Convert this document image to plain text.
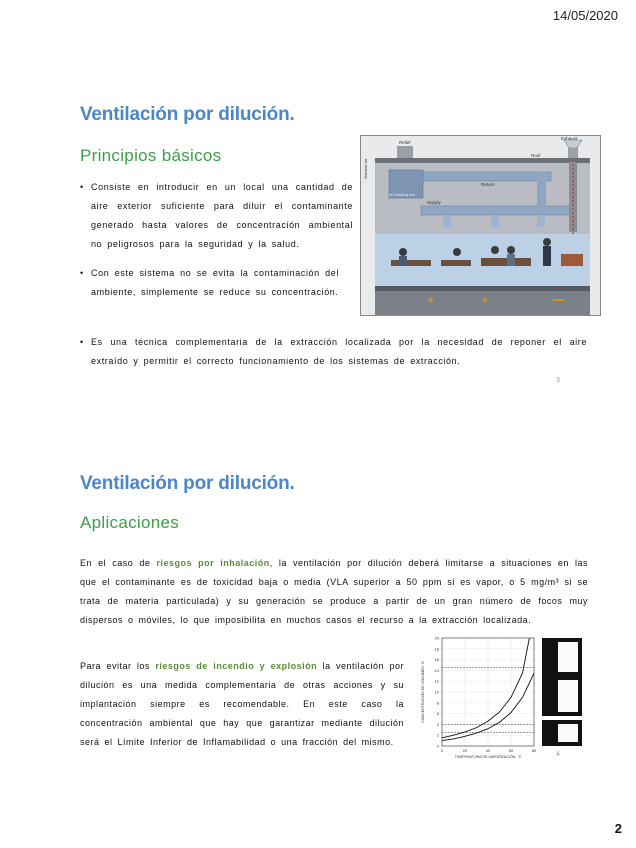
14/05/2020
Ventilación por dilución.
Principios básicos
• Consiste en introducir en un local una cantidad de aire exterior suficiente para diluir el contaminante generado hasta valores de concentración ambiental no peligrosos para la seguridad y la salud.
• Con este sistema no se evita la contaminación del ambiente, simplemente se reduce su concentración.
• Es una técnica complementaria de la extracción localizada por la necesidad de reponer el aire extraído y permitir el correcto funcionamiento de los sistemas de extracción.
Relief
Exhaust
Outdoor Air
Roof
Return
Supply
Air handling unit
3
Ventilación por dilución.
Aplicaciones
En el caso de riesgos por inhalación, la ventilación por dilución deberá limitarse a situaciones en las que el contaminante es de toxicidad baja o media (VLA superior a 50 ppm si es vapor, o 5 mg/m³ si se trata de materia particulada) y su generación se produce a partir de un gran número de focos muy dispersos o móviles, lo que imposibilita en muchos casos el recurso a la extracción localizada.
Para evitar los riesgos de incendio y explosión la ventilación por dilución es una medida complementaria de otras acciones y su implantación siempre es recomendable. En este caso la concentración ambiental que hay que garantizar mediante dilución será el Límite Inferior de Inflamabilidad o una fracción del mismo.	0
2
4
6
8
10
12
14
16
18
20
0	20	40	60	80
TEMPERATURA DE VAPORIZACIÓN, °C
CONCENTRACIÓN EN VOLUMEN, %
4
2
